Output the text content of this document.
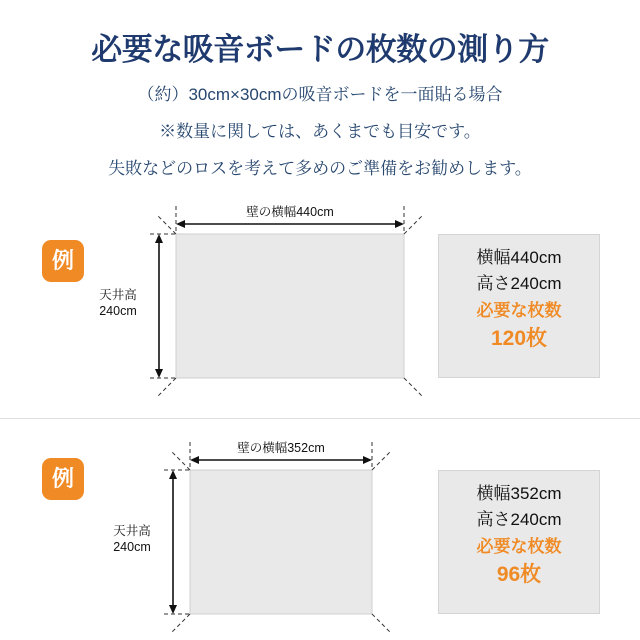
必要な吸音ボードの枚数の測り方
（約）30cm×30cmの吸音ボードを一面貼る場合
※数量に関しては、あくまでも目安です。
失敗などのロスを考えて多めのご準備をお勧めします。
例
壁の横幅440cm
天井高
240cm
横幅440cm
高さ240cm
必要な枚数
120枚
例
壁の横幅352cm
天井高
240cm
横幅352cm
高さ240cm
必要な枚数
96枚
